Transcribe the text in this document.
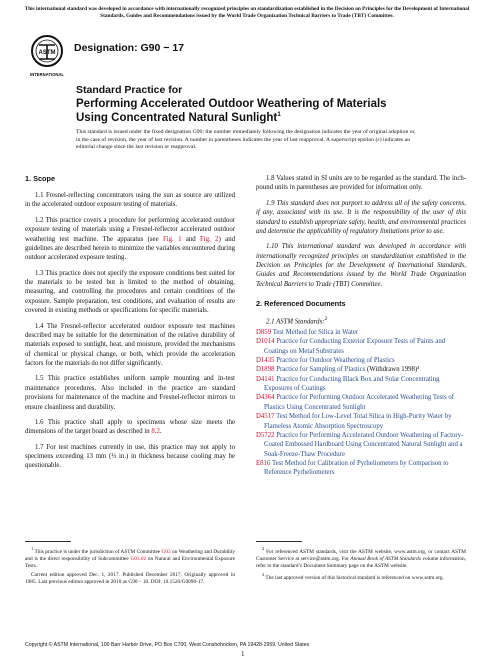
This international standard was developed in accordance with internationally recognized principles on standardization established in the Decision on Principles for the Development of International Standards, Guides and Recommendations issued by the World Trade Organization Technical Barriers to Trade (TBT) Committee.
ASTM
INTERNATIONAL
Designation: G90 − 17
Standard Practice for
Performing Accelerated Outdoor Weathering of Materials
Using Concentrated Natural Sunlight$^1$
This standard is issued under the fixed designation G90; the number immediately following the designation indicates the year of original adoption or, in the case of revision, the year of last revision. A number in parentheses indicates the year of last reapproval. A superscript epsilon (ε) indicates an editorial change since the last revision or reapproval.
1. Scope

1.1 Fresnel-reflecting concentrators using the sun as source are utilized in the accelerated outdoor exposure testing of materials.

1.2 This practice covers a procedure for performing accelerated outdoor exposure testing of materials using a Fresnel-reflector accelerated outdoor weathering test machine. The apparatus (see Fig. 1 and Fig. 2) and guidelines are described herein to minimize the variables encountered during outdoor accelerated exposure testing.

1.3 This practice does not specify the exposure conditions best suited for the materials to be tested but is limited to the method of obtaining, measuring, and controlling the procedures and certain conditions of the exposure. Sample preparation, test conditions, and evaluation of results are covered in existing methods or specifications for specific materials.

1.4 The Fresnel-reflector accelerated outdoor exposure test machines described may be suitable for the determination of the relative durability of materials exposed to sunlight, heat, and moisture, provided the mechanisms of chemical or physical change, or both, which provide the acceleration factors for the materials do not differ significantly.

1.5 This practice establishes uniform sample mounting and in-test maintenance procedures. Also included in the practice are standard provisions for maintenance of the machine and Fresnel-reflector mirrors to ensure cleanliness and durability.

1.6 This practice shall apply to specimens whose size meets the dimensions of the target board as described in 8.2.

1.7 For test machines currently in use, this practice may not apply to specimens exceeding 13 mm (½ in.) in thickness because cooling may be questionable.

1.8 Values stated in SI units are to be regarded as the standard. The inch-pound units in parentheses are provided for information only.

1.9 This standard does not purport to address all of the safety concerns, if any, associated with its use. It is the responsibility of the user of this standard to establish appropriate safety, health, and environmental practices and determine the applicability of regulatory limitations prior to use.

1.10 This international standard was developed in accordance with internationally recognized principles on standardization established in the Decision on Principles for the Development of International Standards, Guides and Recommendations issued by the World Trade Organization Technical Barriers to Trade (TBT) Committee.

2. Referenced Documents
2.1 ASTM Standards:$^2$
D859 Test Method for Silica in Water
D1014 Practice for Conducting Exterior Exposure Tests of Paints and Coatings on Metal Substrates
D1435 Practice for Outdoor Weathering of Plastics
D1898 Practice for Sampling of Plastics (Withdrawn 1998)³
D4141 Practice for Conducting Black Box and Solar Concentrating Exposures of Coatings
D4364 Practice for Performing Outdoor Accelerated Weathering Tests of Plastics Using Concentrated Sunlight
D4517 Test Method for Low-Level Total Silica in High-Purity Water by Flameless Atomic Absorption Spectroscopy
D5722 Practice for Performing Accelerated Outdoor Weathering of Factory-Coated Embossed Hardboard Using Concentrated Natural Sunlight and a Soak-Freeze-Thaw Procedure
E816 Test Method for Calibration of Pyrheliometers by Comparison to Reference Pyrheliometers

$^1$ This practice is under the jurisdiction of ASTM Committee G03 on Weathering and Durability and is the direct responsibility of Subcommittee G03.02 on Natural and Environmental Exposure Tests.

Current edition approved Dec. 1, 2017. Published December 2017. Originally approved in 1985. Last previous edition approved in 2010 as G90 – 10. DOI: 10.1520/G0090-17.

$^2$ For referenced ASTM standards, visit the ASTM website, www.astm.org, or contact ASTM Customer Service at service@astm.org. For Annual Book of ASTM Standards volume information, refer to the standard’s Document Summary page on the ASTM website.

$^3$ The last approved version of this historical standard is referenced on www.astm.org.

Copyright © ASTM International, 100 Barr Harbor Drive, PO Box C700, West Conshohocken, PA 19428-2959. United States
1
